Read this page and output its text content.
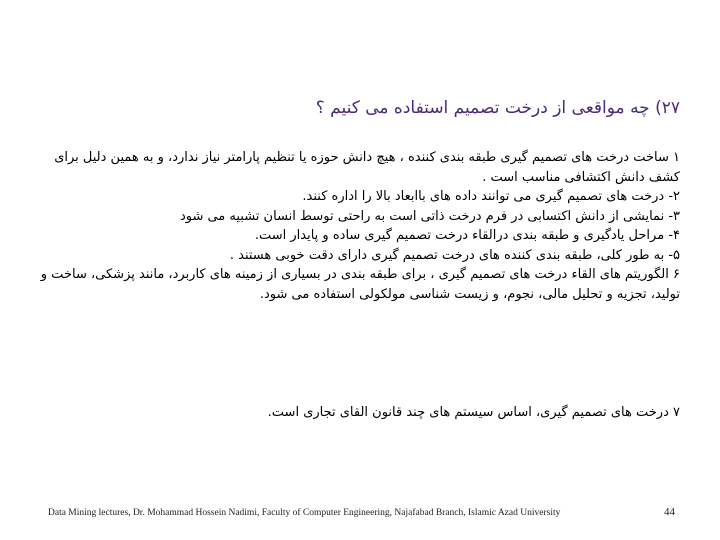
۲۷) چه مواقعی از درخت تصمیم استفاده می کنیم ؟

۱ ساخت درخت های تصمیم گیری طبقه بندی کننده ، هیچ دانش حوزه یا تنظیم پارامتر نیاز ندارد، و به همین دلیل برای کشف دانش اکتشافی مناسب است .

۲- درخت های تصمیم گیری می توانند داده های باابعاد بالا را اداره کنند.

۳- نمایشی از دانش اکتسابی در فرم درخت ذاتی است به راحتی توسط انسان تشبیه می شود

۴- مراحل یادگیری و طبقه بندی درالقاء درخت تصمیم گیری ساده و پایدار است.

۵- به طور کلی، طبقه بندی کننده های درخت تصمیم گیری دارای دقت خوبی هستند .

۶ الگوریتم های القاء درخت های تصمیم گیری ، برای طبقه بندی در بسیاری از زمینه های کاربرد، مانند پزشکی، ساخت و تولید، تجزیه و تحلیل مالی، نجوم، و زیست شناسی مولکولی استفاده می شود.

۷ درخت های تصمیم گیری، اساس سیستم های چند قانون القای تجاری است.

Data Mining lectures, Dr. Mohammad Hossein Nadimi, Faculty of Computer Engineering, Najafabad Branch, Islamic Azad University	44
